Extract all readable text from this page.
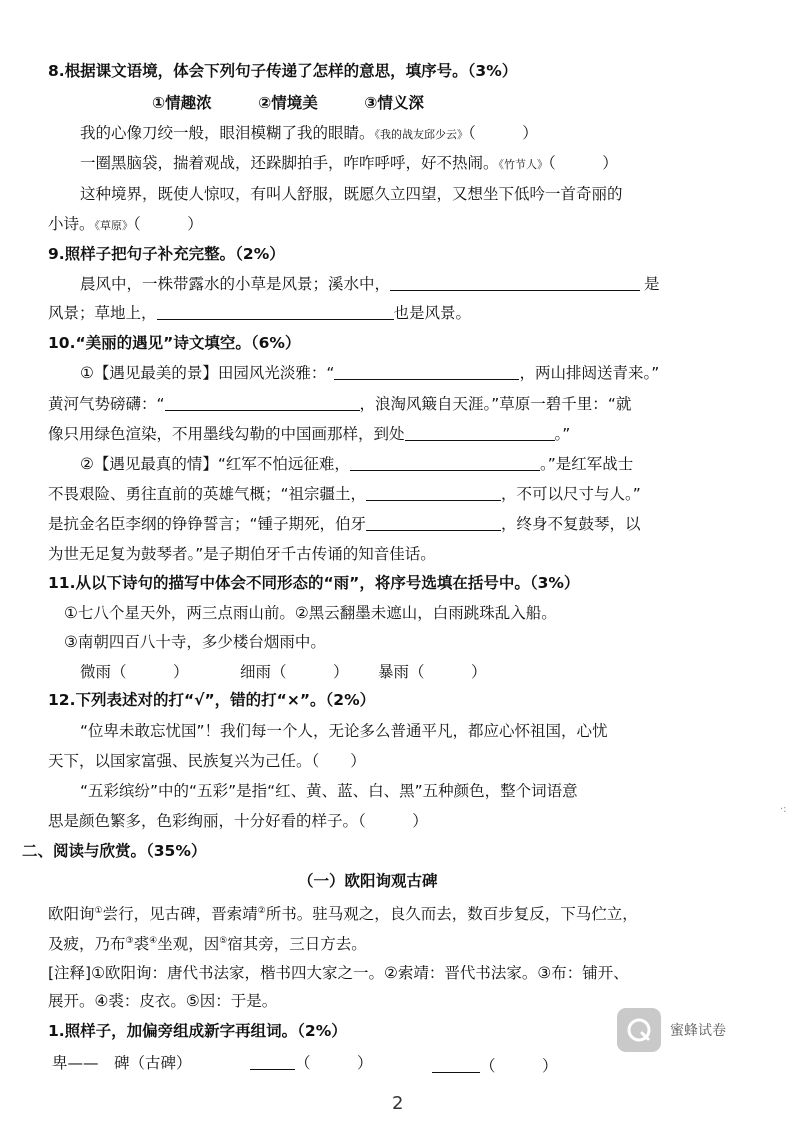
8.根据课文语境，体会下列句子传递了怎样的意思，填序号。（3%）
①情趣浓　　　②情境美　　　③情义深
我的心像刀绞一般，眼泪模糊了我的眼睛。《我的战友邱少云》（　　　）
一圈黑脑袋，揣着观战，还跺脚拍手，咋咋呼呼，好不热闹。《竹节人》（　　　）
这种境界，既使人惊叹，有叫人舒服，既愿久立四望，又想坐下低吟一首奇丽的
小诗。《草原》（　　　）
9.照样子把句子补充完整。（2%）
晨风中，一株带露水的小草是风景；溪水中，	是
风景；草地上，	也是风景。
10.“美丽的遇见”诗文填空。（6%）
①【遇见最美的景】田园风光淡雅：“	，两山排闼送青来。”
黄河气势磅礴：“	，浪淘风簸自天涯。”草原一碧千里：“就
像只用绿色渲染，不用墨线勾勒的中国画那样，到处	。”
②【遇见最真的情】“红军不怕远征难，	。”是红军战士
不畏艰险、勇往直前的英雄气概；“祖宗疆土，	，不可以尺寸与人。”
是抗金名臣李纲的铮铮誓言；“锺子期死，伯牙	，终身不复鼓琴，以
为世无足复为鼓琴者。”是子期伯牙千古传诵的知音佳话。
11.从以下诗句的描写中体会不同形态的“雨”，将序号选填在括号中。（3%）
①七八个星天外，两三点雨山前。②黑云翻墨未遮山，白雨跳珠乱入船。
③南朝四百八十寺，多少楼台烟雨中。
微雨（　　　）	细雨（　　　） 暴雨（　　　）
12.下列表述对的打“√”，错的打“×”。（2%）
“位卑未敢忘忧国”！我们每一个人，无论多么普通平凡，都应心怀祖国，心忧
天下，以国家富强、民族复兴为己任。（　　）
“五彩缤纷”中的“五彩”是指“红、黄、蓝、白、黑”五种颜色，整个词语意
思是颜色繁多，色彩绚丽，十分好看的样子。（　　　）
二、阅读与欣赏。（35%）
（一）欧阳询观古碑
欧阳询①尝行，见古碑，晋索靖②所书。驻马观之，良久而去，数百步复反，下马伫立，
及疲，乃布③裘④坐观，因⑤宿其旁，三日方去。
[注释]①欧阳询：唐代书法家，楷书四大家之一。②索靖：晋代书法家。③布：铺开、
展开。④裘：皮衣。⑤因：于是。
1.照样子，加偏旁组成新字再组词。（2%）
卑——　碑（古碑）	（　　　）	（　　　）
蜜蜂试卷
·:
2
